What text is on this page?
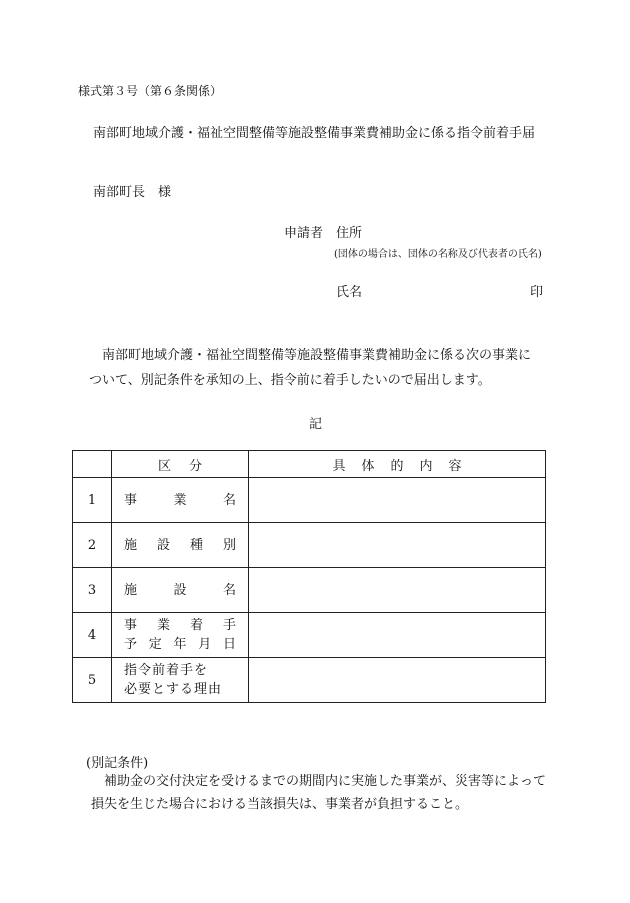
様式第３号（第６条関係）
南部町地域介護・福祉空間整備等施設整備事業費補助金に係る指令前着手届
南部町長　様
申請者 住所
(団体の場合は、団体の名称及び代表者の氏名)
氏名	印
　南部町地域介護・福祉空間整備等施設整備事業費補助金に係る次の事業に
ついて、別記条件を承知の上、指令前に着手したいので届出します。
記
	区分	具体的内容
1	事業名	
2	施設種別	
3	施設名	
4	事業着手
予定年月日	

5	指令前着手を
必要とする理由	

(別記条件)
　補助金の交付決定を受けるまでの期間内に実施した事業が、災害等によって
損失を生じた場合における当該損失は、事業者が負担すること。
